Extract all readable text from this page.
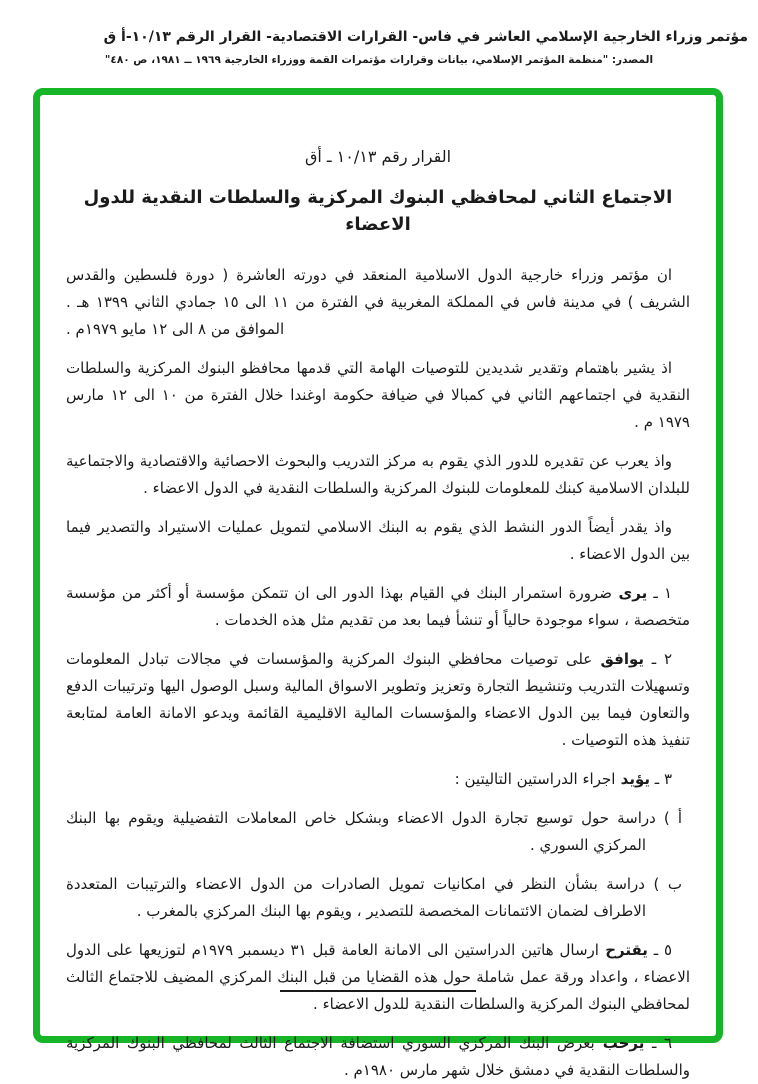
مؤتمر وزراء الخارجية الإسلامي العاشر في فاس- القرارات الاقتصادية- القرار الرقم ١٠/١٣-أ ق
المصدر: "منظمة المؤتمر الإسلامي، بيانات وقرارات مؤتمرات القمة ووزراء الخارجية ١٩٦٩ ــ ١٩٨١، ص ٤٨٠"

القرار رقم ١٠/١٣ ـ أق

الاجتماع الثاني لمحافظي البنوك المركزية والسلطات النقدية للدول الاعضاء

ان مؤتمر وزراء خارجية الدول الاسلامية المنعقد في دورته العاشرة ( دورة فلسطين والقدس الشريف ) في مدينة فاس في المملكة المغربية في الفترة من ١١ الى ١٥ جمادي الثاني ١٣٩٩ هـ . الموافق من ٨ الى ١٢ مايو ١٩٧٩م .

اذ يشير باهتمام وتقدير شديدين للتوصيات الهامة التي قدمها محافظو البنوك المركزية والسلطات النقدية في اجتماعهم الثاني في كمبالا في ضيافة حكومة اوغندا خلال الفترة من ١٠ الى ١٢ مارس ١٩٧٩ م .

واذ يعرب عن تقديره للدور الذي يقوم به مركز التدريب والبحوث الاحصائية والاقتصادية والاجتماعية للبلدان الاسلامية كبنك للمعلومات للبنوك المركزية والسلطات النقدية في الدول الاعضاء .

واذ يقدر أيضاً الدور النشط الذي يقوم به البنك الاسلامي لتمويل عمليات الاستيراد والتصدير فيما بين الدول الاعضاء .

١ ـ يرى ضرورة استمرار البنك في القيام بهذا الدور الى ان تتمكن مؤسسة أو أكثر من مؤسسة متخصصة ، سواء موجودة حالياً أو تنشأ فيما بعد من تقديم مثل هذه الخدمات .

٢ ـ يوافق على توصيات محافظي البنوك المركزية والمؤسسات في مجالات تبادل المعلومات وتسهيلات التدريب وتنشيط التجارة وتعزيز وتطوير الاسواق المالية وسبل الوصول اليها وترتيبات الدفع والتعاون فيما بين الدول الاعضاء والمؤسسات المالية الاقليمية القائمة ويدعو الامانة العامة لمتابعة تنفيذ هذه التوصيات .

٣ ـ يؤيد اجراء الدراستين التاليتين :

أ ) دراسة حول توسيع تجارة الدول الاعضاء وبشكل خاص المعاملات التفضيلية ويقوم بها البنك المركزي السوري .

ب ) دراسة بشأن النظر في امكانيات تمويل الصادرات من الدول الاعضاء والترتيبات المتعددة الاطراف لضمان الائتمانات المخصصة للتصدير ، ويقوم بها البنك المركزي بالمغرب .

٥ ـ يقترح ارسال هاتين الدراستين الى الامانة العامة قبل ٣١ ديسمبر ١٩٧٩م لتوزيعها على الدول الاعضاء ، واعداد ورقة عمل شاملة حول هذه القضايا من قبل البنك المركزي المضيف للاجتماع الثالث لمحافظي البنوك المركزية والسلطات النقدية للدول الاعضاء .

٦ ـ يرحب بعرض البنك المركزي السوري استضافة الاجتماع الثالث لمحافظي البنوك المركزية والسلطات النقدية في دمشق خلال شهر مارس ١٩٨٠م .
